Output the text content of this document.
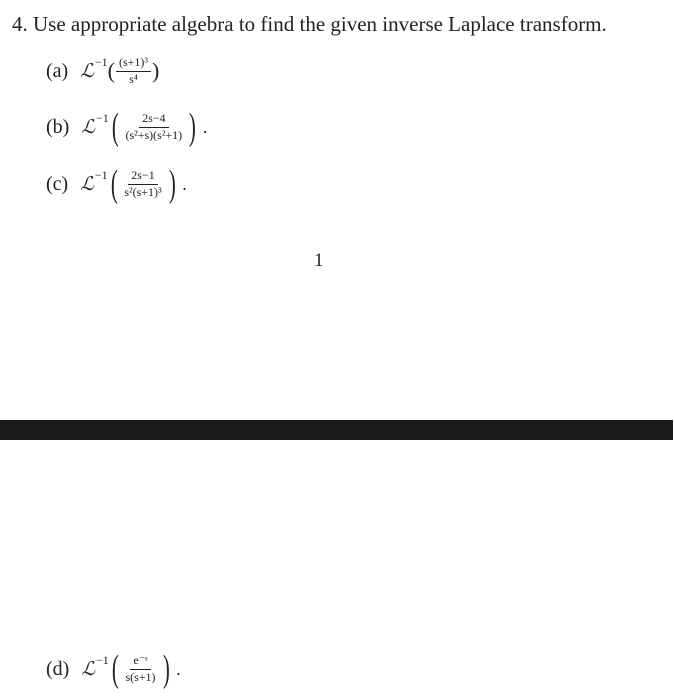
4. Use appropriate algebra to find the given inverse Laplace transform.
(a) ℒ −1 ( $\frac{\text{(s+1)³}}{\text{s⁴}}$ )
(b) ℒ −1 ( $\frac{2s-4}{\text{(s²+s)(s²+1)}}$ ) .
(c) ℒ −1 ( $\frac{2s-1}{\text{s²(s+1)³}}$ ) .
1
(d) ℒ −1 ( $\frac{\text{e⁻ˢ}}{s(s+1)}$ ) .
